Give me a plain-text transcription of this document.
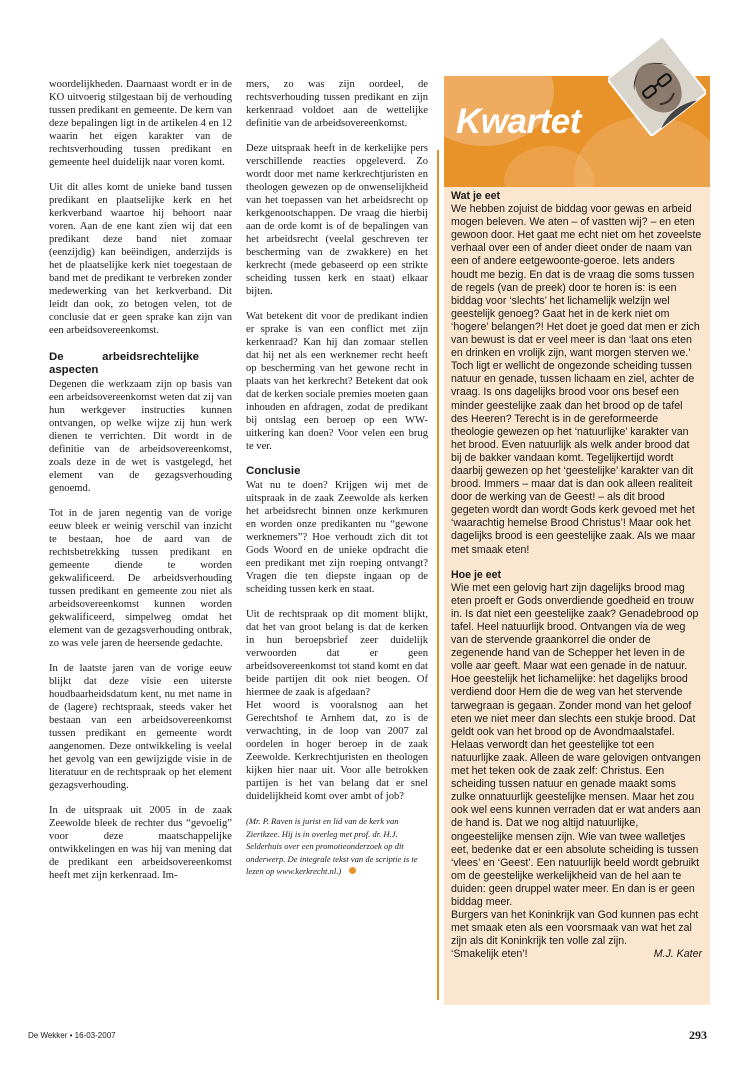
woordelijkheden. Daarnaast wordt er in de KO uitvoerig stilgestaan bij de verhouding tussen predikant en gemeente. De kern van deze bepalingen ligt in de artikelen 4 en 12 waarin het eigen karakter van de rechtsverhouding tussen predikant en gemeente heel duidelijk naar voren komt.

Uit dit alles komt de unieke band tussen predikant en plaatselijke kerk en het kerkverband waartoe hij behoort naar voren. Aan de ene kant zien wij dat een predikant deze band niet zomaar (eenzijdig) kan beëindigen, anderzijds is het de plaatselijke kerk niet toegestaan de band met de predikant te verbreken zonder medewerking van het kerkverband. Dit leidt dan ook, zo betogen velen, tot de conclusie dat er geen sprake kan zijn van een arbeidsovereenkomst.

De arbeidsrechtelijke aspecten

Degenen die werkzaam zijn op basis van een arbeidsovereenkomst weten dat zij van hun werkgever instructies kunnen ontvangen, op welke wijze zij hun werk dienen te verrichten. Dit wordt in de definitie van de arbeidsovereenkomst, zoals deze in de wet is vastgelegd, het element van de gezagsverhouding genoemd.

Tot in de jaren negentig van de vorige eeuw bleek er weinig verschil van inzicht te bestaan, hoe de aard van de rechtsbetrekking tussen predikant en gemeente diende te worden gekwalificeerd. De arbeidsverhouding tussen predikant en gemeente zou niet als arbeidsovereenkomst kunnen worden gekwalificeerd, simpelweg omdat het element van de gezagsverhouding ontbrak, zo was vele jaren de heersende gedachte.

In de laatste jaren van de vorige eeuw blijkt dat deze visie een uiterste houdbaarheidsdatum kent, nu met name in de (lagere) rechtspraak, steeds vaker het bestaan van een arbeidsovereenkomst tussen predikant en gemeente wordt aangenomen. Deze ontwikkeling is veelal het gevolg van een gewijzigde visie in de literatuur en de rechtspraak op het element gezagsverhouding.

In de uitspraak uit 2005 in de zaak Zeewolde bleek de rechter dus “gevoelig” voor deze maatschappelijke ontwikkelingen en was hij van mening dat de predikant een arbeidsovereenkomst heeft met zijn kerkenraad. Im-

mers, zo was zijn oordeel, de rechtsverhouding tussen predikant en zijn kerkenraad voldoet aan de wettelijke definitie van de arbeidsovereenkomst.

Deze uitspraak heeft in de kerkelijke pers verschillende reacties opgeleverd. Zo wordt door met name kerkrechtjuristen en theologen gewezen op de onwenselijkheid van het toepassen van het arbeidsrecht op kerkgenootschappen. De vraag die hierbij aan de orde komt is of de bepalingen van het arbeidsrecht (veelal geschreven ter bescherming van de zwakkere) en het kerkrecht (mede gebaseerd op een strikte scheiding tussen kerk en staat) elkaar bijten.

Wat betekent dit voor de predikant indien er sprake is van een conflict met zijn kerkenraad? Kan hij dan zomaar stellen dat hij net als een werknemer recht heeft op bescherming van het gewone recht in plaats van het kerkrecht? Betekent dat ook dat de kerken sociale premies moeten gaan inhouden en afdragen, zodat de predikant bij ontslag een beroep op een WW-uitkering kan doen? Voor velen een brug te ver.

Conclusie

Wat nu te doen? Krijgen wij met de uitspraak in de zaak Zeewolde als kerken het arbeidsrecht binnen onze kerkmuren en worden onze predikanten nu “gewone werknemers”? Hoe verhoudt zich dit tot Gods Woord en de unieke opdracht die een predikant met zijn roeping ontvangt? Vragen die ten diepste ingaan op de scheiding tussen kerk en staat.

Uit de rechtspraak op dit moment blijkt, dat het van groot belang is dat de kerken in hun beroepsbrief zeer duidelijk verwoorden dat er geen arbeidsovereenkomst tot stand komt en dat beide partijen dit ook niet beogen. Of hiermee de zaak is afgedaan?

Het woord is vooralsnog aan het Gerechtshof te Arnhem dat, zo is de verwachting, in de loop van 2007 zal oordelen in hoger beroep in de zaak Zeewolde. Kerkrechtjuristen en theologen kijken hier naar uit. Voor alle betrokken partijen is het van belang dat er snel duidelijkheid komt over ambt of job?

(Mr. P. Raven is jurist en lid van de kerk van Zierikzee. Hij is in overleg met prof. dr. H.J. Selderhuis over een promotieonderzoek op dit onderwerp. De integrale tekst van de scriptie is te lezen op www.kerkrecht.nl.)
Kwartet
Wat je eet

We hebben zojuist de biddag voor gewas en arbeid mogen beleven. We aten – of vastten wij? – en eten gewoon door. Het gaat me echt niet om het zoveelste verhaal over een of ander dieet onder de naam van een of andere eetgewoonte-goeroe. Iets anders houdt me bezig. En dat is de vraag die soms tussen de regels (van de preek) door te horen is: is een biddag voor ‘slechts’ het lichamelijk welzijn wel geestelijk genoeg? Gaat het in de kerk niet om ‘hogere’ belangen?! Het doet je goed dat men er zich van bewust is dat er veel meer is dan ‘laat ons eten en drinken en vrolijk zijn, want morgen sterven we.’ Toch ligt er wellicht de ongezonde scheiding tussen natuur en genade, tussen lichaam en ziel, achter de vraag. Is ons dagelijks brood voor ons besef een minder geestelijke zaak dan het brood op de tafel des Heeren? Terecht is in de gereformeerde theologie gewezen op het ‘natuurlijke’ karakter van het brood. Even natuurlijk als welk ander brood dat bij de bakker vandaan komt. Tegelijkertijd wordt daarbij gewezen op het ‘geestelijke’ karakter van dit brood. Immers – maar dat is dan ook alleen realiteit door de werking van de Geest! – als dit brood gegeten wordt dan wordt Gods kerk gevoed met het ‘waarachtig hemelse Brood Christus’! Maar ook het dagelijks brood is een geestelijke zaak. Als we maar met smaak eten!

Hoe je eet

Wie met een gelovig hart zijn dagelijks brood mag eten proeft er Gods onverdiende goedheid en trouw in. Is dat niet een geestelijke zaak? Genadebrood op tafel. Heel natuurlijk brood. Ontvangen via de weg van de stervende graankorrel die onder de zegenende hand van de Schepper het leven in de volle aar geeft. Maar wat een genade in de natuur. Hoe geestelijk het lichamelijke: het dagelijks brood verdiend door Hem die de weg van het stervende tarwegraan is gegaan. Zonder mond van het geloof eten we niet meer dan slechts een stukje brood. Dat geldt ook van het brood op de Avondmaalstafel. Helaas verwordt dan het geestelijke tot een natuurlijke zaak. Alleen de ware gelovigen ontvangen met het teken ook de zaak zelf: Christus. Een scheiding tussen natuur en genade maakt soms zulke onnatuurlijk geestelijke mensen. Maar het zou ook wel eens kunnen verraden dat er wat anders aan de hand is. Dat we nog altijd natuurlijke, ongeestelijke mensen zijn. Wie van twee walletjes eet, bedenke dat er een absolute scheiding is tussen ‘vlees’ en ‘Geest’. Een natuurlijk beeld wordt gebruikt om de geestelijke werkelijkheid van de hel aan te duiden: geen druppel water meer. En dan is er geen biddag meer.

Burgers van het Koninkrijk van God kunnen pas echt met smaak eten als een voorsmaak van wat het zal zijn als dit Koninkrijk ten volle zal zijn.

‘Smakelijk eten’!	M.J. Kater

De Wekker • 16-03-2007	293
